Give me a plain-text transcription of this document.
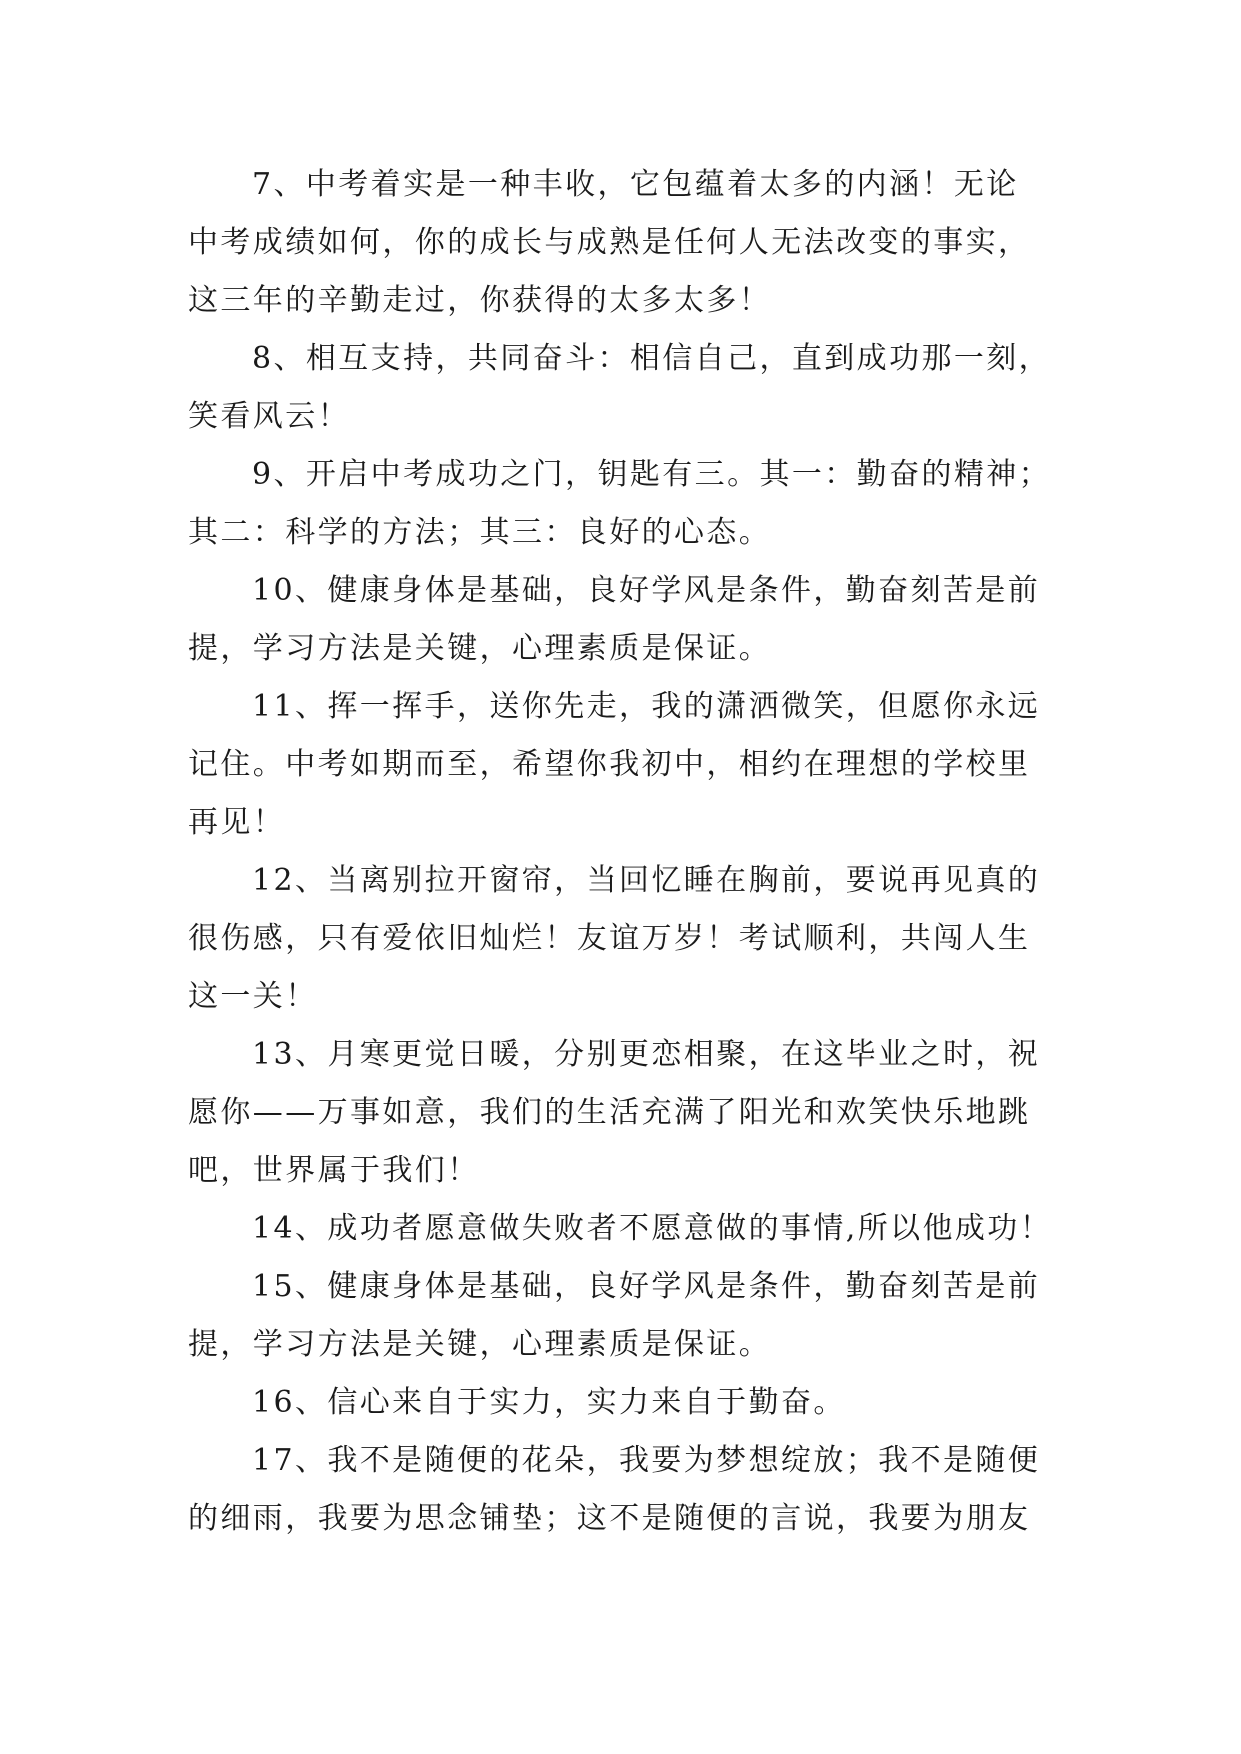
7、中考着实是一种丰收，它包蕴着太多的内涵！无论
中考成绩如何，你的成长与成熟是任何人无法改变的事实，
这三年的辛勤走过，你获得的太多太多！

8、相互支持，共同奋斗：相信自己，直到成功那一刻，
笑看风云！

9、开启中考成功之门，钥匙有三。其一：勤奋的精神；
其二：科学的方法；其三：良好的心态。

10、健康身体是基础，良好学风是条件，勤奋刻苦是前
提，学习方法是关键，心理素质是保证。

11、挥一挥手，送你先走，我的潇洒微笑，但愿你永远
记住。中考如期而至，希望你我初中，相约在理想的学校里
再见！

12、当离别拉开窗帘，当回忆睡在胸前，要说再见真的
很伤感，只有爱依旧灿烂！友谊万岁！考试顺利，共闯人生
这一关！

13、月寒更觉日暖，分别更恋相聚，在这毕业之时，祝
愿你——万事如意，我们的生活充满了阳光和欢笑快乐地跳
吧，世界属于我们！

14、成功者愿意做失败者不愿意做的事情,所以他成功！

15、健康身体是基础，良好学风是条件，勤奋刻苦是前
提，学习方法是关键，心理素质是保证。

16、信心来自于实力，实力来自于勤奋。

17、我不是随便的花朵，我要为梦想绽放；我不是随便
的细雨，我要为思念铺垫；这不是随便的言说，我要为朋友
